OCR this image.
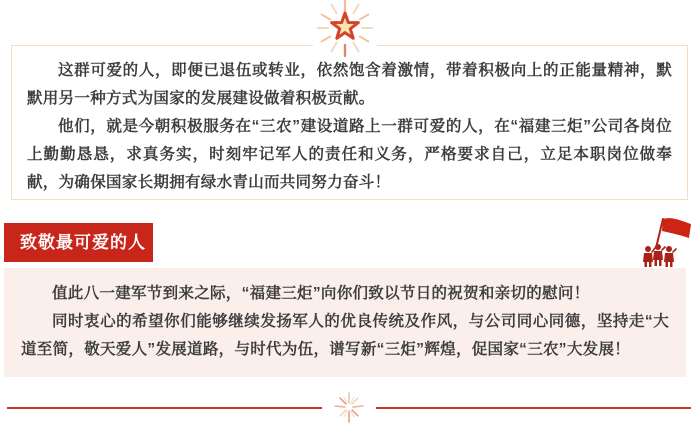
这群可爱的人，即便已退伍或转业，依然饱含着激情，带着积极向上的正能量精神，默默用另一种方式为国家的发展建设做着积极贡献。

他们，就是今朝积极服务在“三农”建设道路上一群可爱的人，在“福建三炬”公司各岗位上勤勤恳恳，求真务实，时刻牢记军人的责任和义务，严格要求自己，立足本职岗位做奉献，为确保国家长期拥有绿水青山而共同努力奋斗！

致敬最可爱的人

值此八一建军节到来之际，“福建三炬”向你们致以节日的祝贺和亲切的慰问！

同时衷心的希望你们能够继续发扬军人的优良传统及作风，与公司同心同德，坚持走“大道至简，敬天爱人”发展道路，与时代为伍，谱写新“三炬”辉煌，促国家“三农”大发展！
